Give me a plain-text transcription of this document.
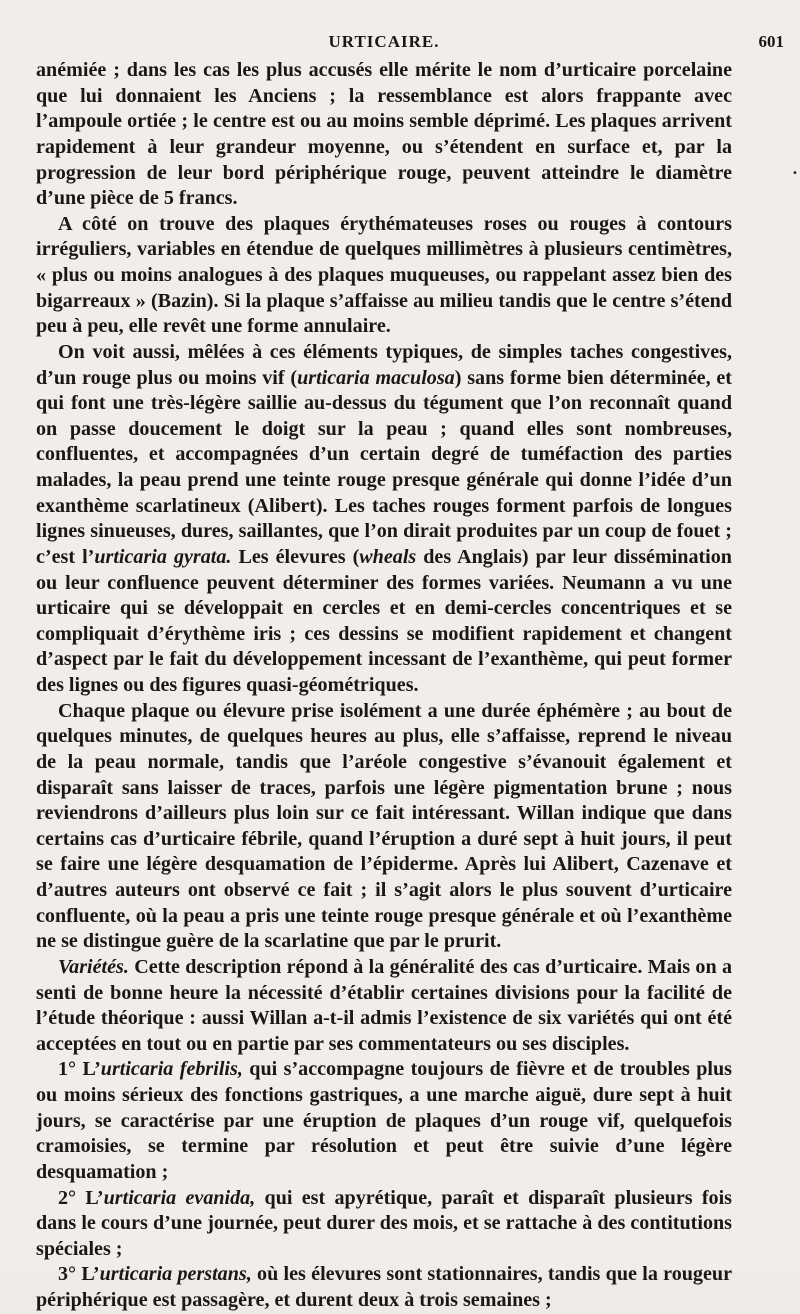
URTICAIRE.	601

anémiée ; dans les cas les plus accusés elle mérite le nom d’urticaire porcelaine que lui donnaient les Anciens ; la ressemblance est alors frappante avec l’ampoule ortiée ; le centre est ou au moins semble déprimé. Les plaques arrivent rapidement à leur grandeur moyenne, ou s’étendent en surface et, par la progression de leur bord périphérique rouge, peuvent atteindre le diamètre d’une pièce de 5 francs.

A côté on trouve des plaques érythémateuses roses ou rouges à contours irréguliers, variables en étendue de quelques millimètres à plusieurs centimètres, « plus ou moins analogues à des plaques muqueuses, ou rappelant assez bien des bigarreaux » (Bazin). Si la plaque s’affaisse au milieu tandis que le centre s’étend peu à peu, elle revêt une forme annulaire.

On voit aussi, mêlées à ces éléments typiques, de simples taches congestives, d’un rouge plus ou moins vif (urticaria maculosa) sans forme bien déterminée, et qui font une très-légère saillie au-dessus du tégument que l’on reconnaît quand on passe doucement le doigt sur la peau ; quand elles sont nombreuses, confluentes, et accompagnées d’un certain degré de tuméfaction des parties malades, la peau prend une teinte rouge presque générale qui donne l’idée d’un exanthème scarlatineux (Alibert). Les taches rouges forment parfois de longues lignes sinueuses, dures, saillantes, que l’on dirait produites par un coup de fouet ; c’est l’urticaria gyrata. Les élevures (wheals des Anglais) par leur dissémination ou leur confluence peuvent déterminer des formes variées. Neumann a vu une urticaire qui se développait en cercles et en demi-cercles concentriques et se compliquait d’érythème iris ; ces dessins se modifient rapidement et changent d’aspect par le fait du développement incessant de l’exanthème, qui peut former des lignes ou des figures quasi-géométriques.

Chaque plaque ou élevure prise isolément a une durée éphémère ; au bout de quelques minutes, de quelques heures au plus, elle s’affaisse, reprend le niveau de la peau normale, tandis que l’aréole congestive s’évanouit également et disparaît sans laisser de traces, parfois une légère pigmentation brune ; nous reviendrons d’ailleurs plus loin sur ce fait intéressant. Willan indique que dans certains cas d’urticaire fébrile, quand l’éruption a duré sept à huit jours, il peut se faire une légère desquamation de l’épiderme. Après lui Alibert, Cazenave et d’autres auteurs ont observé ce fait ; il s’agit alors le plus souvent d’urticaire confluente, où la peau a pris une teinte rouge presque générale et où l’exanthème ne se distingue guère de la scarlatine que par le prurit.

Variétés. Cette description répond à la généralité des cas d’urticaire. Mais on a senti de bonne heure la nécessité d’établir certaines divisions pour la facilité de l’étude théorique : aussi Willan a-t-il admis l’existence de six variétés qui ont été acceptées en tout ou en partie par ses commentateurs ou ses disciples.

1° L’urticaria febrilis, qui s’accompagne toujours de fièvre et de troubles plus ou moins sérieux des fonctions gastriques, a une marche aiguë, dure sept à huit jours, se caractérise par une éruption de plaques d’un rouge vif, quelquefois cramoisies, se termine par résolution et peut être suivie d’une légère desquamation ;

2° L’urticaria evanida, qui est apyrétique, paraît et disparaît plusieurs fois dans le cours d’une journée, peut durer des mois, et se rattache à des contitutions spéciales ;

3° L’urticaria perstans, où les élevures sont stationnaires, tandis que la rougeur périphérique est passagère, et durent deux à trois semaines ;

•
